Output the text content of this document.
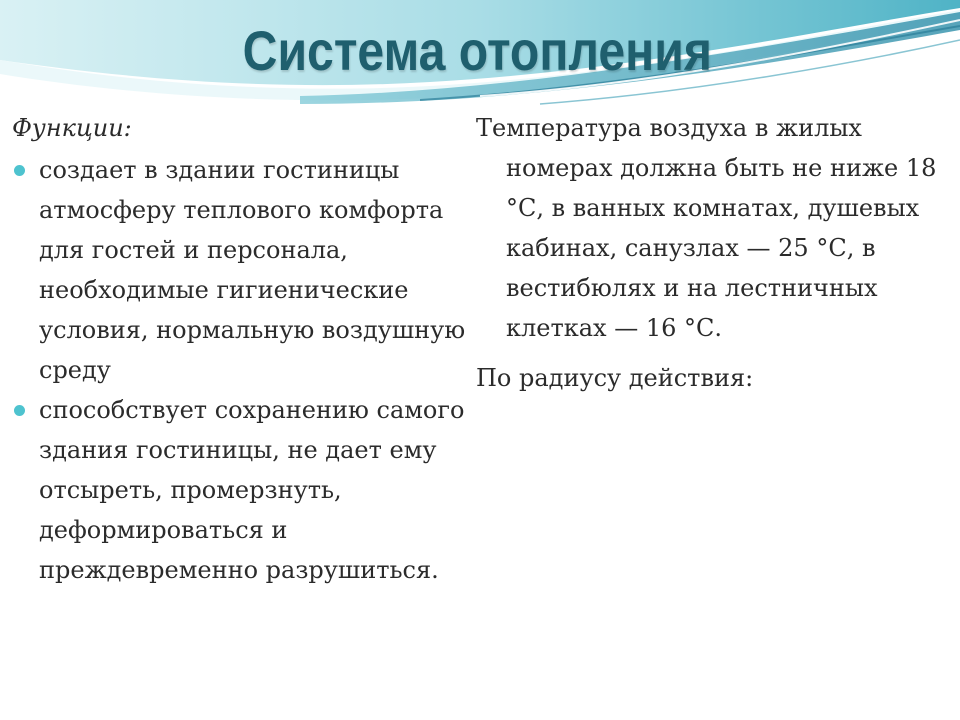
Система отопления
Функции:
создает в здании гостиницы атмосферу теплового комфорта для гостей и персонала, необходимые гигиенические условия, нормальную воздушную среду
способствует сохранению самого здания гостиницы, не дает ему отсыреть, промерзнуть, деформироваться и преждевременно разрушиться.

Температура воздуха в жилых номерах должна быть не ниже 18 °С, в ванных комнатах, душевых кабинах, санузлах — 25 °С, в вестибюлях и на лестничных клетках — 16 °С.

По радиусу действия:
